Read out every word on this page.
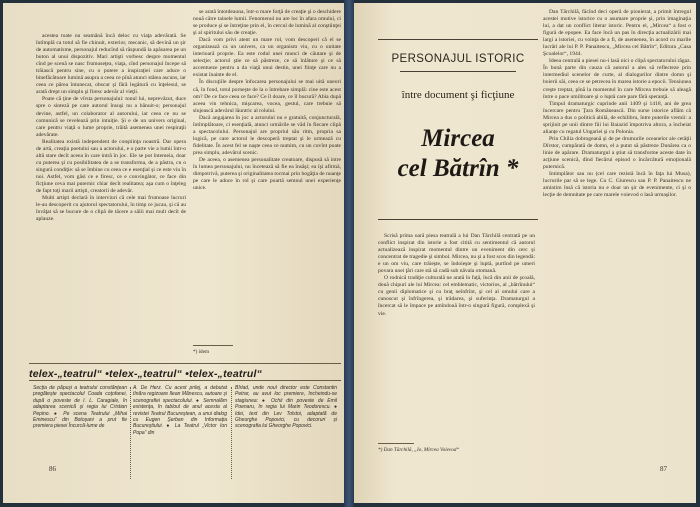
acestea toate nu seamănă încă deloc cu viaţa adevărată. Se întîmplă ca totul să fie chinuit, exterior, mecanic, să devină un şir de automatisme, personajul reducînd să răspundă la apăsarea pe un buton al unui dispozitiv. Mari artişti vorbesc despre momentul cînd pe scenă se nasc frumuseţea, viaţa, cînd personajul începe să trăiască pentru sine, cu o putere a inspiraţiei care aduce o binefăcătoare lumină asupra a ceea ce pînă atunci stătea ascuns, iar ceea ce părea întunecat, obscur şi fără legătură cu înţelesul, se arată drept un simplu şi firesc adevăr al vieţii.

Poate că ţine de vîrsta personajului: tonul lui, neprevăzut, duce spre o sinteză pe care autorul însuşi nu a bănuit-o; personajul devine, astfel, un colaborator al autorului, iar ceea ce nu se comunică se revelează prin intuiţie. Şi e de un univers original, care pentru viaţă o lume proprie, trăită asemenea unei respiraţii adevărate.

Realitatea există independent de conştiinţa noastră. Dar opera de artă, creaţia poetului sau a actorului, e o parte vie a lumii într-o altă stare decît aceea în care intră în joc. Ele se pot întemeia, doar cu puterea şi cu posibilitatea de a se transforma, de a păstra, cu o singură condiţie: să se îmbine cu ceea ce e esenţial şi ce este viu în noi. Astfel, vom găsi ce e firesc, ce e convingător, ce face din ficţiune ceva mai puternic chiar decît realitatea; aşa cum o înţeleg de fapt toţi marii artişti, creatorii de adevăr.

Multi artişti declară în interviuri că cele mai frumoase lucruri le-au descoperit cu ajutorul spectatorului, în timp ce jucau, şi că au învăţat să se bucure de o clipă de tăcere a sălii mai mult decît de aplauze.

se arată întotdeauna, într-o mare forţă de creaţie şi o deschidere nouă către tainele lumii. Fenomenul nu are loc în afara omului, ci se produce şi se întreţine prin el, în cercul de lumină al conştiinţei şi al spiritului său de creaţie.

Dacă vom privi atent un mare rol, vom descoperi că el se organizează ca un univers, ca un organism viu, cu o unitate interioară proprie. Ea este rodul unei munci de căutare şi de selecţie; actorul ştie ce să păstreze, ce să înlăture şi ce să accentueze pentru a da viaţă unui destin, unei fiinţe care nu a existat înainte de el.

În discuţiile despre înfocarea personajului se mai uită uneori că, în fond, totul porneşte de la o întrebare simplă: cine este acest om? De ce face ceea ce face? Ce îl doare, ce îl bucură? Abia după aceea vin tehnica, mişcarea, vocea, gestul, care trebuie să slujească adevărul lăuntric al rolului.

Dacă angajarea în joc a actorului nu e gratuită, conjuncturală, întîmplătoare, ci esenţială, atunci urmările se văd în fiecare clipă a spectacolului. Personajul are propriul său ritm, propria sa logică, pe care actorul le descoperă treptat şi le urmează cu fidelitate. În acest fel se naşte ceea ce numim, cu un cuvînt poate prea simplu, adevărul scenic.

De aceea, o asemenea personalitate creatoare, dispusă să intre în lumea personajului, nu încetează să fie ea însăşi; ea îşi afirmă, dimpotrivă, puterea şi originalitatea tocmai prin bogăţia de nuanţe pe care le aduce în rol şi care poartă semnul unei experienţe unice.

*) idem
telex-„teatrul“ •telex-„teatrul“ •telex-„teatrul“
Secţia de păpuşi a teatrului constănţean pregăteşte spectacolul Coada coţofanei, după o poveste de I. L. Caragiale, în adaptarea scenică şi regia lui Cristian Pepino. ● Pe scena Teatrului „Mihai Eminescu“ din Botoşani a prut fie premiera piesei Încurcă-lume de
A. De Herz. Cu acest prilej, a debutat tînăra regizoare Ilean Mănescu, autoare şi scenografiei spectacolului. ● Semnalăm existenţa, în tabloul de anul acesta al revistei Teatrul Bucureştean, a unui dialog cu Eugen Şerban din Informaţia Bucureştiului. ● La Teatrul „Victor Ion Popa“ din
Bîrlad, unde noul director este Constantin Petrar, au avut loc premiere, încheindu-se stagiunea: ● Ochii din poveste de Emil Poenaru, în regia lui Marin Teodorescu. ● Idei, text din Lev Tolstoi, adaptată de Gheorghe Popovici, cu decoruri şi scenografia lui Gheorghe Popovici.
86
PERSONAJUL ISTORIC
între document şi ficţiune
Mircea
cel Bătrîn *

Scrisă prima oară piesa teatrală a lui Dan Tărchilă centrată pe un conflict inspirat din istorie a fost citită cu sentimentul că autorul actualizează inspirat momentul dintre un eveniment din cerc şi concentrat de tragedie şi simbol. Mircea, nu şi a fost scos din legendă: e un om viu, care trăieşte, se îndoieşte şi luptă, purtînd pe umeri povara unei ţări care stă să cadă sub năvala otomană.

O rodnică tradiţie culturală ne arată în faţă, încă din anii de şcoală, două chipuri ale lui Mircea: cel emblematic, victorios, al „bătrînului“ cu genii diplomatice şi cu braţ neînfrînt, şi cel al omului care a cunoscut şi înfrîngerea, şi trădarea, şi suferinţa. Dramaturgul a încercat să le împace pe amîndouă într-o singură figură, complexă şi vie.

Dan Tărchilă, făcînd deci operă de pionierat, a primit întregul acestei motive istorice cu o asumare proprie şi, prin imaginaţia lui, a dat un conflict literar istoric. Pentru el, „Mircea“ a fost o figură de epopee. Ea face încă un pas în direcţia actualizării mai largi a istoriei, cu voinţa de a fi, de asemenea, în acord cu marile lucrări ale lui P. P. Panaitescu, „Mircea cel Bătrîn“, Editura „Casa Şcoalelor“, 1944.

Ideea centrală a piesei nu-i lasă nici o clipă spectatorului răgaz. În bună parte din cauza că autorul a ales să reflecteze prin intermediul scenelor de curte, al dialogurilor dintre domn şi boierii săi, ceea ce se petrecea în marea istorie a epocii. Tensiunea creşte treptat, pînă la momentul în care Mircea trebuie să aleagă între o pace umilitoare şi o luptă care pare fără speranţă.

Timpul dramaturgic cuprinde anii 1409 şi 1418, ani de grea încercare pentru Ţara Românească. Din surse istorice aflăm că Mircea a dus o politică abilă, de echilibru, între puterile vremii: a sprijinit pe unii dintre fiii lui Baiazid împotriva altora, a încheiat alianţe cu regatul Ungariei şi cu Polonia.

Prin Chilia dobrogeană şi de pe drumurile oceanelor ale cetăţii Dîrstor, cumpărată de domn, el a putut să păstreze Dunărea ca o linie de apărare. Dramaturgul a ştiut să transforme aceste date în acţiune scenică, dînd fiecărui episod o încărcătură emoţională puternică.

Intimplător sau nu (cel care rezistă încă în faţa lui Musa), lucrurile par să se lege. Cu C. Giurescu sau P. P. Panaitescu ne amintim însă că istoria nu e doar un şir de evenimente, ci şi o lecţie de demnitate pe care marele voievod o lasă urmaşilor.

*) Dan Tărchilă, „Io, Mircea Voievod“
87
